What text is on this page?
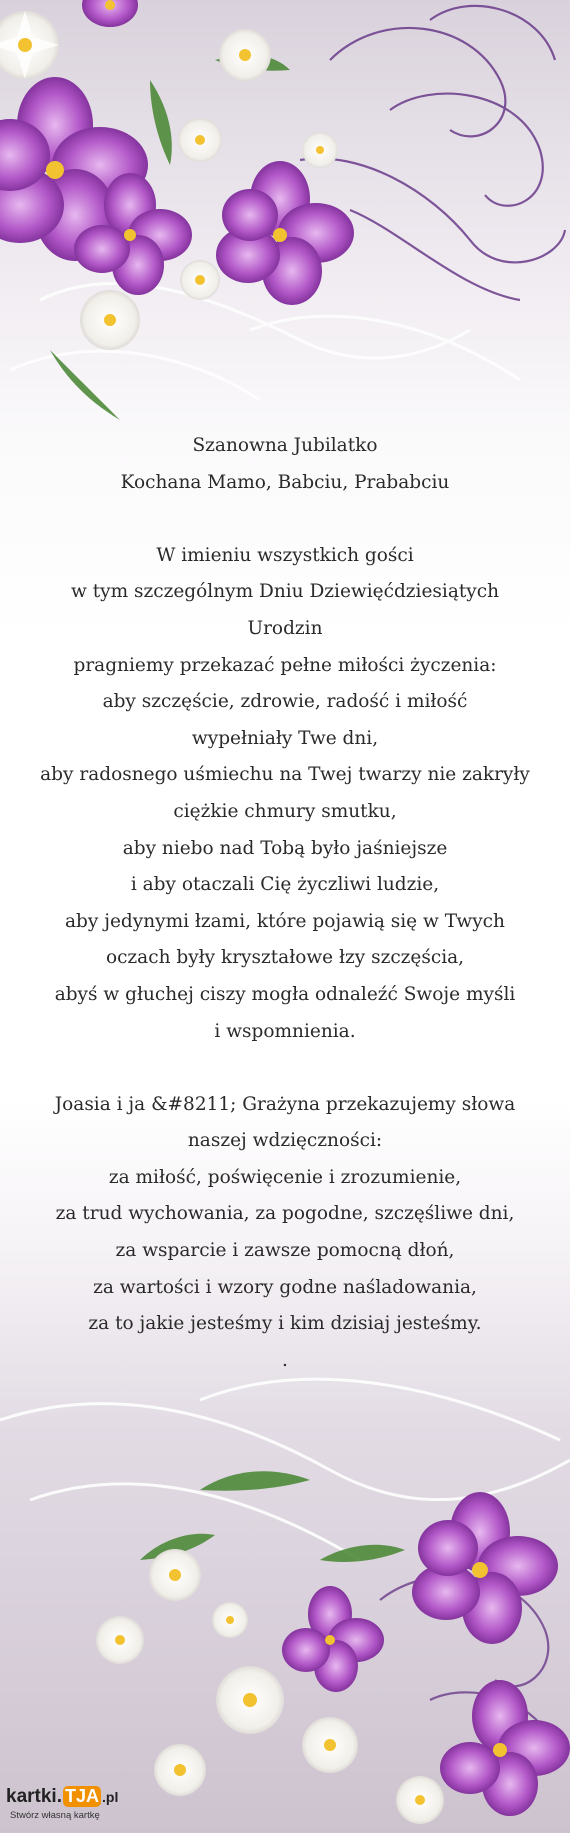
Szanowna Jubilatko

Kochana Mamo, Babciu, Prababciu

W imieniu wszystkich gości

w tym szczególnym Dniu Dziewięćdziesiątych

Urodzin

pragniemy przekazać pełne miłości życzenia:

aby szczęście, zdrowie, radość i miłość

wypełniały Twe dni,

aby radosnego uśmiechu na Twej twarzy nie zakryły

ciężkie chmury smutku,

aby niebo nad Tobą było jaśniejsze

i aby otaczali Cię życzliwi ludzie,

aby jedynymi łzami, które pojawią się w Twych

oczach były kryształowe łzy szczęścia,

abyś w głuchej ciszy mogła odnaleźć Swoje myśli

i wspomnienia.

Joasia i ja &#8211; Grażyna przekazujemy słowa

naszej wdzięczności:

za miłość, poświęcenie i zrozumienie,

za trud wychowania, za pogodne, szczęśliwe dni,

za wsparcie i zawsze pomocną dłoń,

za wartości i wzory godne naśladowania,

za to jakie jesteśmy i kim dzisiaj jesteśmy.

.

kartki. TJA .pl
Stwórz własną kartkę
